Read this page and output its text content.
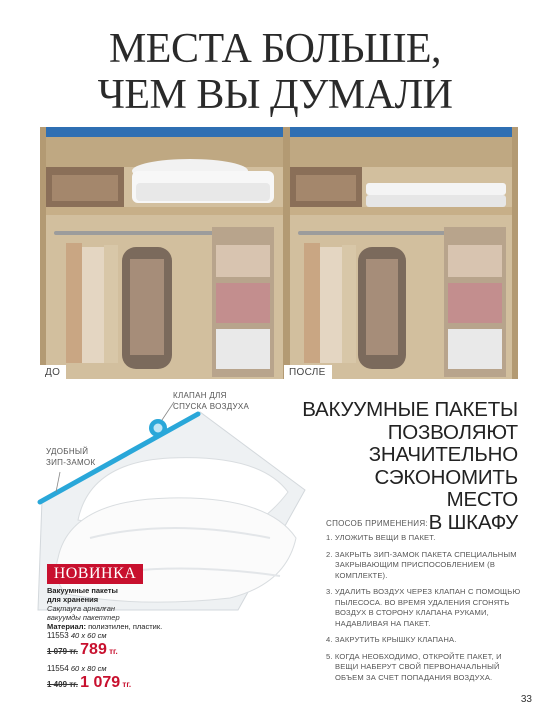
МЕСТА БОЛЬШЕ,
ЧЕМ ВЫ ДУМАЛИ
ДО	ПОСЛЕ
КЛАПАН ДЛЯ
СПУСКА ВОЗДУХА
УДОБНЫЙ
ЗИП-ЗАМОК
ВАКУУМНЫЕ ПАКЕТЫ
ПОЗВОЛЯЮТ
ЗНАЧИТЕЛЬНО
СЭКОНОМИТЬ МЕСТО
В ШКАФУ
СПОСОБ ПРИМЕНЕНИЯ:
1. УЛОЖИТЬ ВЕЩИ В ПАКЕТ.
2. ЗАКРЫТЬ ЗИП-ЗАМОК ПАКЕТА СПЕЦИАЛЬНЫМ ЗАКРЫВАЮЩИМ ПРИСПОСОБЛЕНИЕМ (В КОМПЛЕКТЕ).
3. УДАЛИТЬ ВОЗДУХ ЧЕРЕЗ КЛАПАН С ПОМОЩЬЮ ПЫЛЕСОСА. ВО ВРЕМЯ УДАЛЕНИЯ СГОНЯТЬ ВОЗДУХ В СТОРОНУ КЛАПАНА РУКАМИ, НАДАВЛИВАЯ НА ПАКЕТ.
4. ЗАКРУТИТЬ КРЫШКУ КЛАПАНА.
5. КОГДА НЕОБХОДИМО, ОТКРОЙТЕ ПАКЕТ, И ВЕЩИ НАБЕРУТ СВОЙ ПЕРВОНАЧАЛЬНЫЙ ОБЪЕМ ЗА СЧЕТ ПОПАДАНИЯ ВОЗДУХА.
НОВИНКА
Вакуумные пакеты
для хранения
Сақтауға арналған
вакуумды пакеттер
Материал: полиэтилен, пластик.
11553 40 х 60 см
1 079 тг. 789 тг.
11554 60 х 80 см
1 409 тг. 1 079 тг.
33
